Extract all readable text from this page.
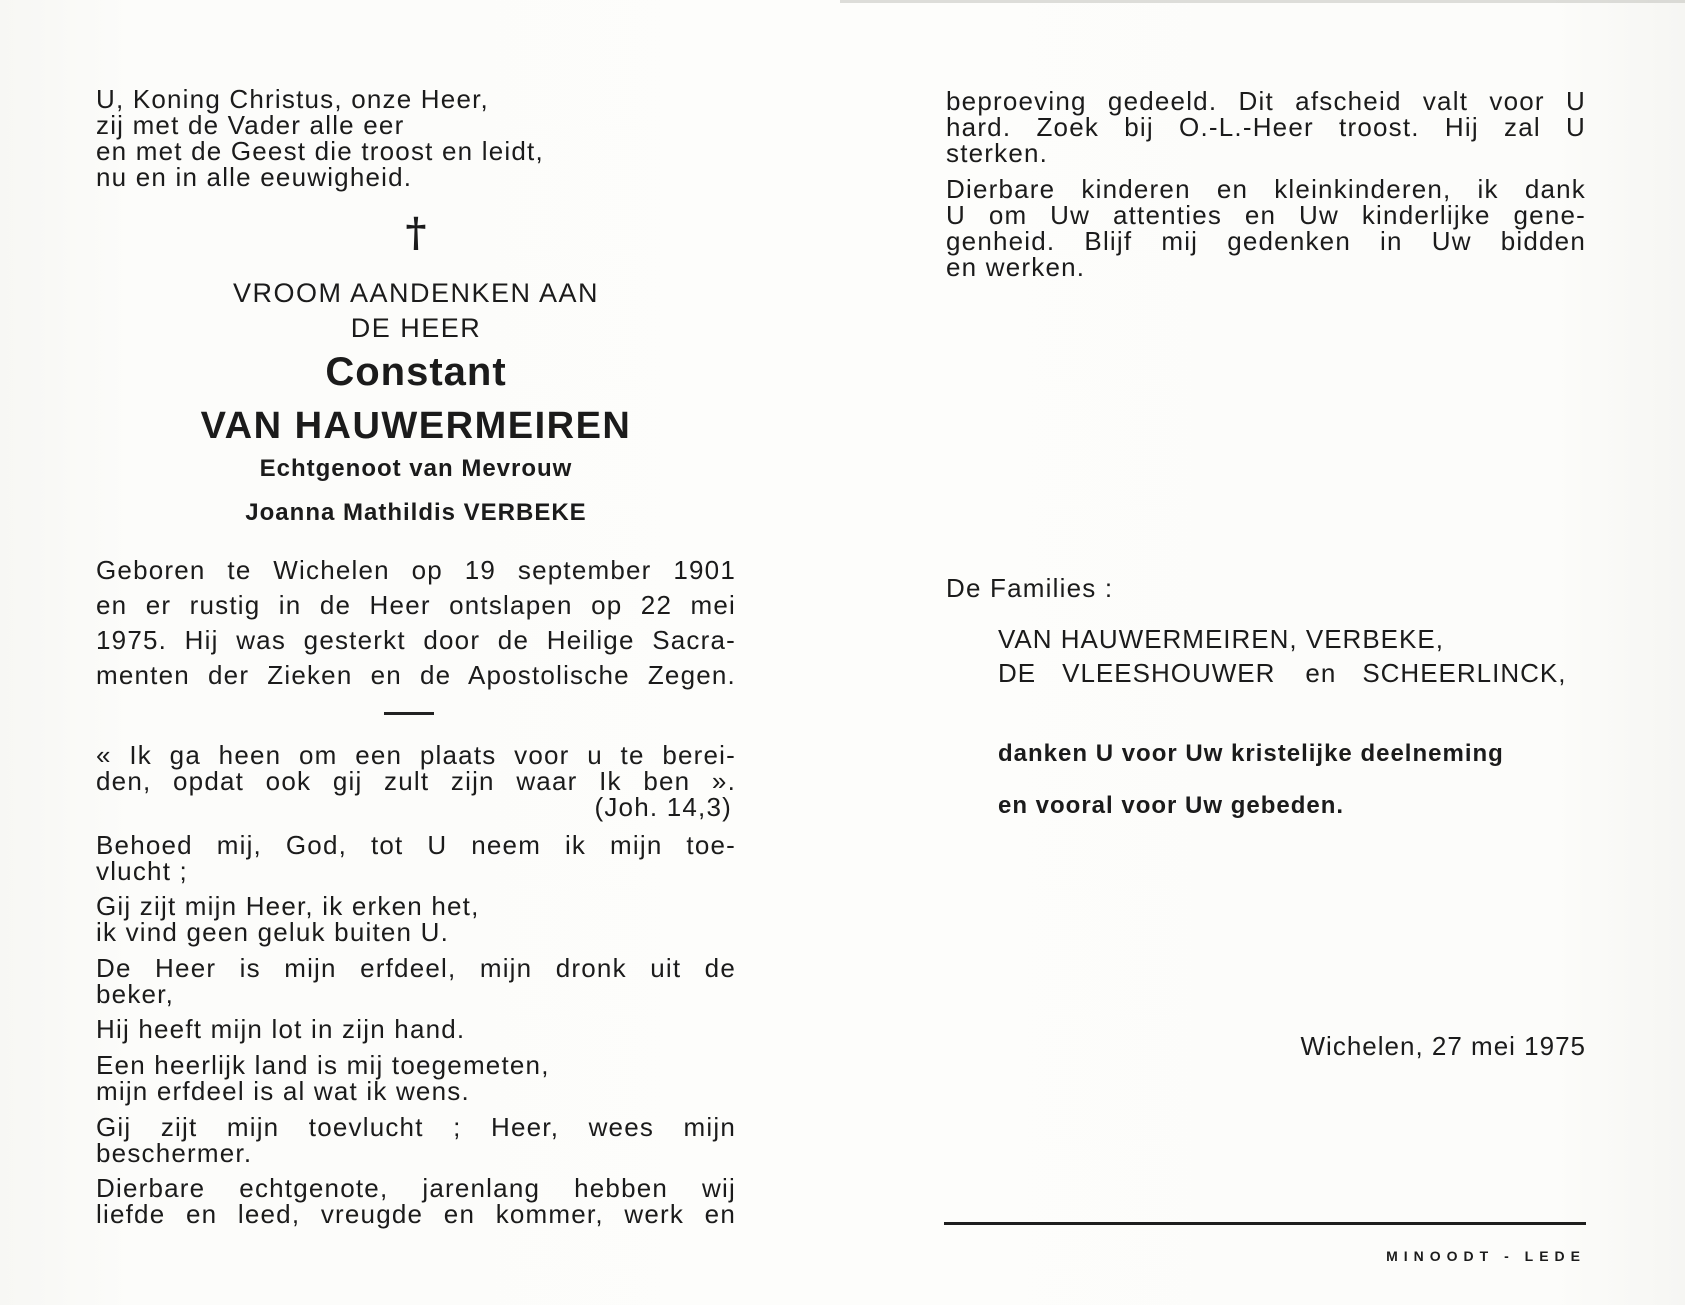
U, Koning Christus, onze Heer,
zij met de Vader alle eer
en met de Geest die troost en leidt,
nu en in alle eeuwigheid.
†
VROOM AANDENKEN AAN
DE HEER
Constant
VAN HAUWERMEIREN
Echtgenoot van Mevrouw
Joanna Mathildis VERBEKE
Geboren te Wichelen op 19 september 1901
en er rustig in de Heer ontslapen op 22 mei
1975. Hij was gesterkt door de Heilige Sacra-
menten der Zieken en de Apostolische Zegen.
« Ik ga heen om een plaats voor u te berei-
den, opdat ook gij zult zijn waar Ik ben ».
(Joh. 14,3)
Behoed mij, God, tot U neem ik mijn toe-
vlucht ;
Gij zijt mijn Heer, ik erken het,
ik vind geen geluk buiten U.
De Heer is mijn erfdeel, mijn dronk uit de
beker,
Hij heeft mijn lot in zijn hand.
Een heerlijk land is mij toegemeten,
mijn erfdeel is al wat ik wens.
Gij zijt mijn toevlucht ; Heer, wees mijn
beschermer.
Dierbare echtgenote, jarenlang hebben wij
liefde en leed, vreugde en kommer, werk en
beproeving gedeeld. Dit afscheid valt voor U
hard. Zoek bij O.-L.-Heer troost. Hij zal U
sterken.
Dierbare kinderen en kleinkinderen, ik dank
U om Uw attenties en Uw kinderlijke gene-
genheid. Blijf mij gedenken in Uw bidden
en werken.
De Families :
VAN HAUWERMEIREN, VERBEKE,
DE VLEESHOUWER en SCHEERLINCK,
danken U voor Uw kristelijke deelneming
en vooral voor Uw gebeden.
Wichelen, 27 mei 1975
MINOODT - LEDE
